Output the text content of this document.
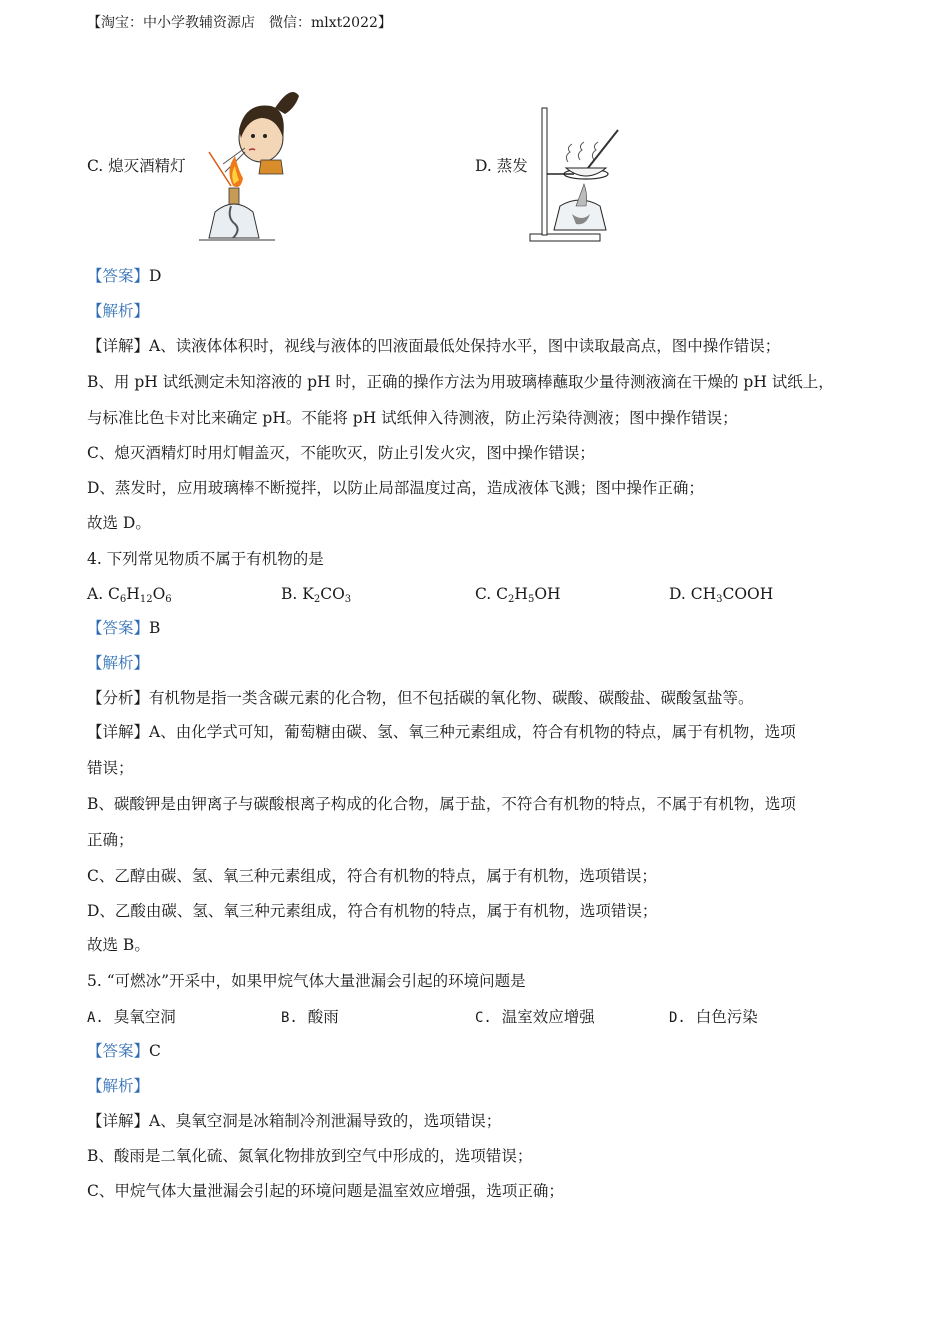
【淘宝：中小学教辅资源店　微信：mlxt2022】
C. 熄灭酒精灯	D. 蒸发
【答案】D
【解析】
【详解】A、读液体体积时，视线与液体的凹液面最低处保持水平，图中读取最高点，图中操作错误；
B、用 pH 试纸测定未知溶液的 pH 时，正确的操作方法为用玻璃棒蘸取少量待测液滴在干燥的 pH 试纸上，
与标准比色卡对比来确定 pH。不能将 pH 试纸伸入待测液，防止污染待测液；图中操作错误；
C、熄灭酒精灯时用灯帽盖灭，不能吹灭，防止引发火灾，图中操作错误；
D、蒸发时，应用玻璃棒不断搅拌，以防止局部温度过高，造成液体飞溅；图中操作正确；
故选 D。
4. 下列常见物质不属于有机物的是
A. $C_6H_{12}O_6$	B. $K_2CO_3$	C. $C_2H_5OH$	D. $CH_3COOH$
【答案】B
【解析】
【分析】有机物是指一类含碳元素的化合物，但不包括碳的氧化物、碳酸、碳酸盐、碳酸氢盐等。
【详解】A、由化学式可知，葡萄糖由碳、氢、氧三种元素组成，符合有机物的特点，属于有机物，选项
错误；
B、碳酸钾是由钾离子与碳酸根离子构成的化合物，属于盐，不符合有机物的特点，不属于有机物，选项
正确；
C、乙醇由碳、氢、氧三种元素组成，符合有机物的特点，属于有机物，选项错误；
D、乙酸由碳、氢、氧三种元素组成，符合有机物的特点，属于有机物，选项错误；
故选 B。
5. “可燃冰”开采中，如果甲烷气体大量泄漏会引起的环境问题是
A. 臭氧空洞	B. 酸雨	C. 温室效应增强	D. 白色污染
【答案】C
【解析】
【详解】A、臭氧空洞是冰箱制冷剂泄漏导致的，选项错误；
B、酸雨是二氧化硫、氮氧化物排放到空气中形成的，选项错误；
C、甲烷气体大量泄漏会引起的环境问题是温室效应增强，选项正确；
